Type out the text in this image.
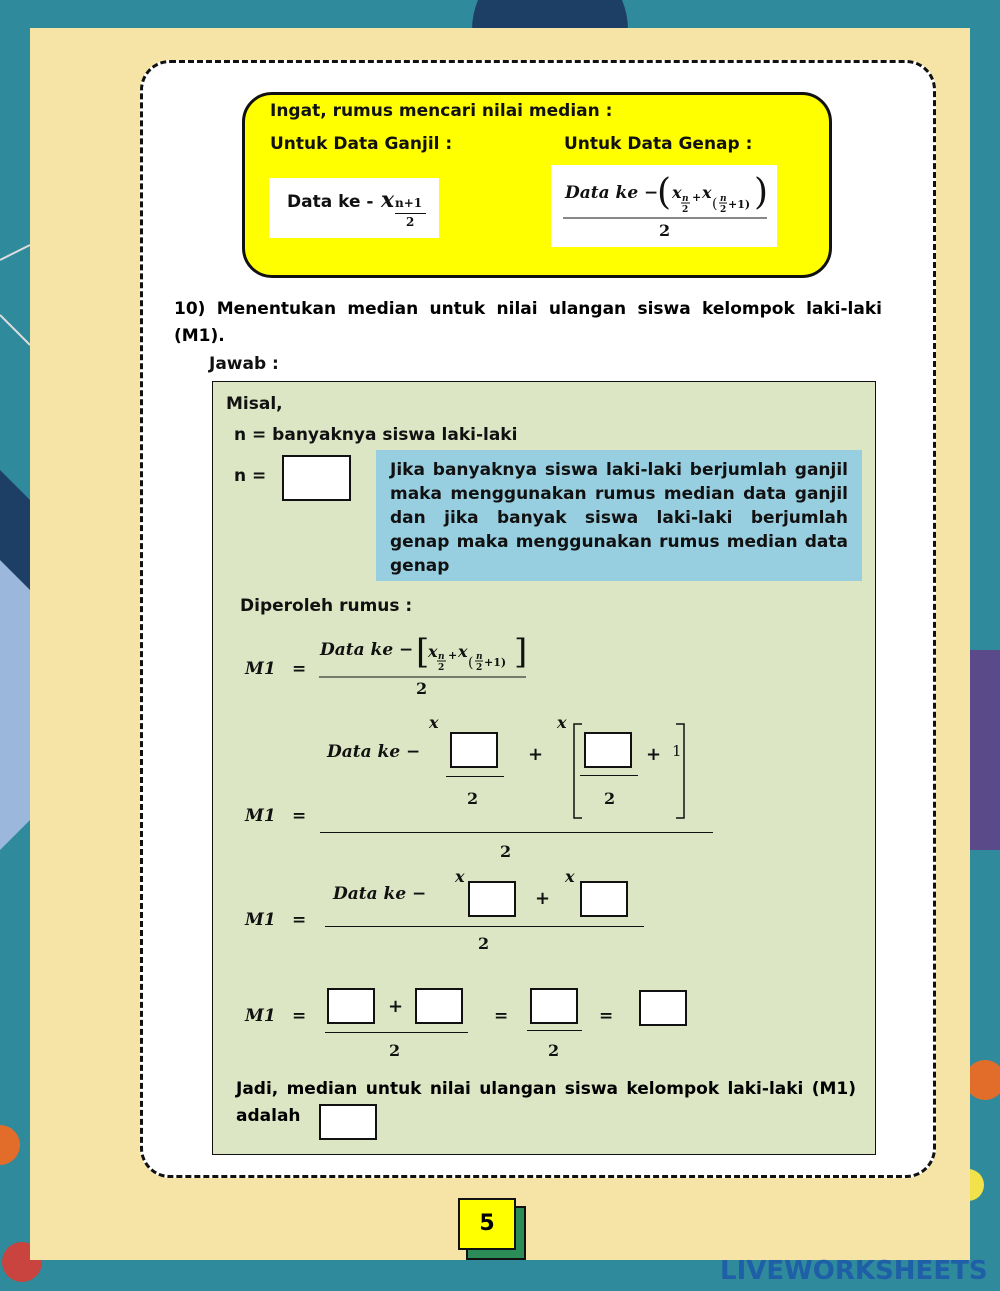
Ingat, rumus mencari nilai median :
Untuk Data Ganjil :	Untuk Data Genap :
Data ke - x n+1
2
Data ke −
( x n
2
+ x
( n
2 +1) )
2
10) Menentukan median untuk nilai ulangan siswa kelompok laki-laki (M1).
Jawab :
Misal,
n = banyaknya siswa laki-laki
n =	Jika banyaknya siswa laki-laki berjumlah ganjil maka menggunakan rumus median data ganjil dan jika banyak siswa laki-laki berjumlah genap maka menggunakan rumus median data genap
Diperoleh rumus :
M1 =
Data ke − [
x n
2
+ x
( n
2 +1) ]
2
M1 =
Data ke −
x
2
+
x
2
+ 1
2
M1 =
Data ke −
x
+
x
2
M1 =	+
2
=
2
=
Jadi, median untuk nilai ulangan siswa kelompok laki-laki (M1) adalah
5
LIVEWORKSHEETS
